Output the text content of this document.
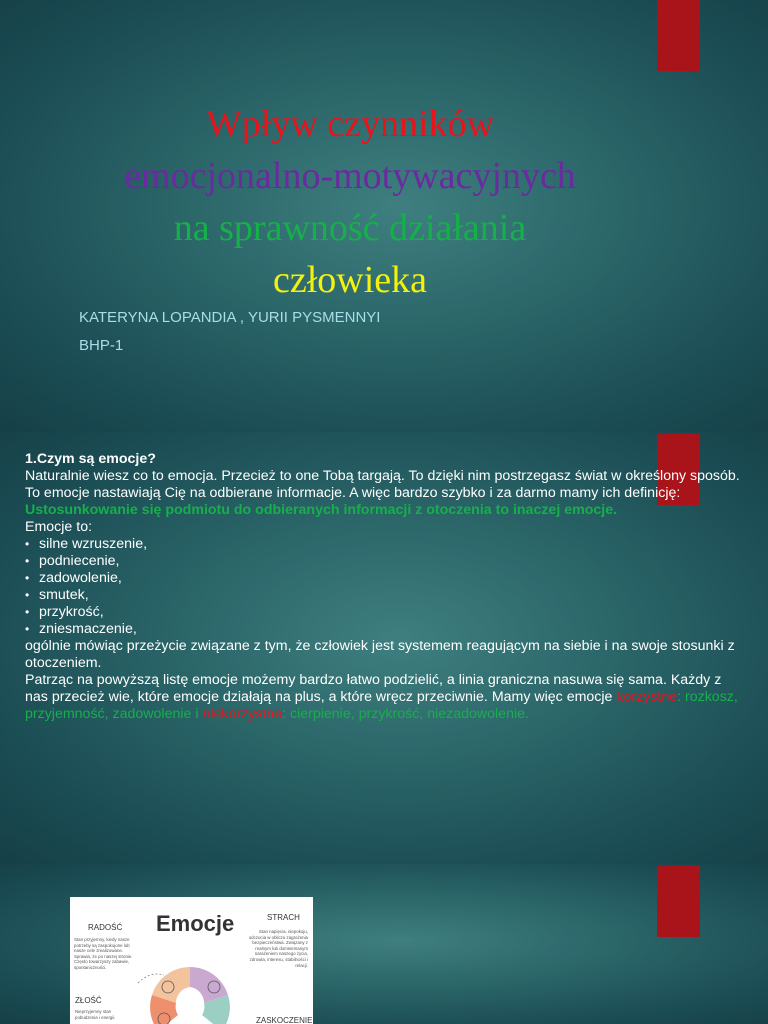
Wpływ czynników
emocjonalno-motywacyjnych
na sprawność działania
człowieka
KATERYNA LOPANDIA , YURII PYSMENNYI
BHP-1

1.Czym są emocje?

Naturalnie wiesz co to emocja. Przecież to one Tobą targają. To dzięki nim postrzegasz świat w określony sposób. To emocje nastawiają Cię na odbierane informacje. A więc bardzo szybko i za darmo mamy ich definicję:

Ustosunkowanie się podmiotu do odbieranych informacji z otoczenia to inaczej emocje.

Emocje to:

• silne wzruszenie,
• podniecenie,
• zadowolenie,
• smutek,
• przykrość,
• zniesmaczenie,

ogólnie mówiąc przeżycie związane z tym, że człowiek jest systemem reagującym na siebie i na swoje stosunki z otoczeniem.

Patrząc na powyższą listę emocje możemy bardzo łatwo podzielić, a linia graniczna nasuwa się sama. Każdy z nas przecież wie, które emocje działają na plus, a które wręcz przeciwnie. Mamy więc emocje korzystne: rozkosz, przyjemność, zadowolenie i niekorzystne: cierpienie, przykrość, niezadowolenie.

Emocje
RADOŚĆ
Stan przyjemny, kiedy nasze potrzeby są zaspokojone lub nasze cele zrealizowane. Sprawia, że po naszej stronie. Często towarzyszy zabawie, spontaniczności.
STRACH
Stan napięcia, niepokoju, odczucia w obliczu zagrożenia bezpieczeństwa. Związany z realnym lub domniemanym narażeniem naszego życia, zdrowia, interesu, stabilności i relacji.
ZŁOŚĆ
Nieprzyjemny stan pobudzenia i energii.	ZASKOCZENIE
